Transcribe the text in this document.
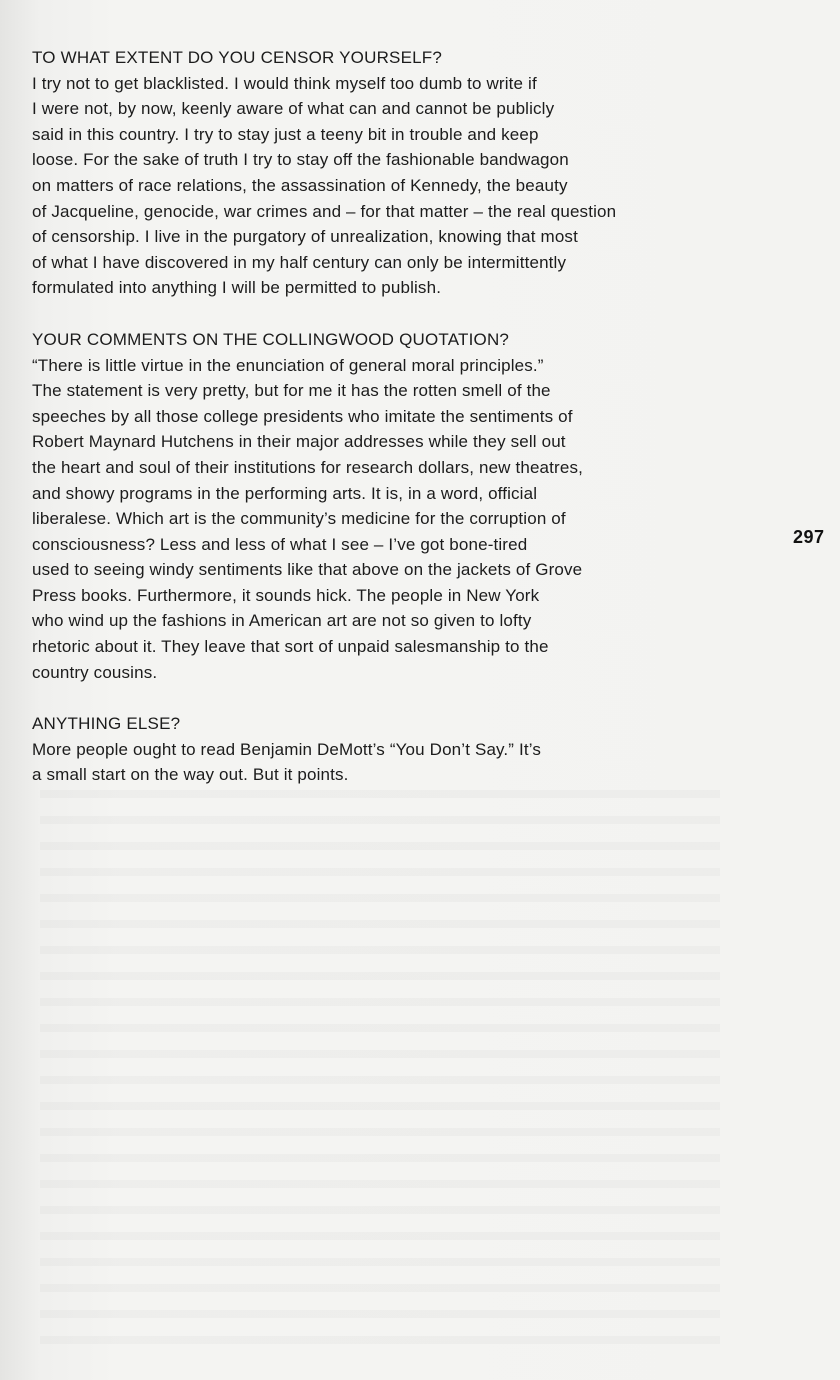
TO WHAT EXTENT DO YOU CENSOR YOURSELF?
I try not to get blacklisted. I would think myself too dumb to write if
I were not, by now, keenly aware of what can and cannot be publicly
said in this country. I try to stay just a teeny bit in trouble and keep
loose. For the sake of truth I try to stay off the fashionable bandwagon
on matters of race relations, the assassination of Kennedy, the beauty
of Jacqueline, genocide, war crimes and – for that matter – the real question
of censorship. I live in the purgatory of unrealization, knowing that most
of what I have discovered in my half century can only be intermittently
formulated into anything I will be permitted to publish.
YOUR COMMENTS ON THE COLLINGWOOD QUOTATION?
“There is little virtue in the enunciation of general moral principles.”
The statement is very pretty, but for me it has the rotten smell of the
speeches by all those college presidents who imitate the sentiments of
Robert Maynard Hutchens in their major addresses while they sell out
the heart and soul of their institutions for research dollars, new theatres,
and showy programs in the performing arts. It is, in a word, official
liberalese. Which art is the community’s medicine for the corruption of
consciousness? Less and less of what I see – I’ve got bone-tired
used to seeing windy sentiments like that above on the jackets of Grove
Press books. Furthermore, it sounds hick. The people in New York
who wind up the fashions in American art are not so given to lofty
rhetoric about it. They leave that sort of unpaid salesmanship to the
country cousins.
ANYTHING ELSE?
More people ought to read Benjamin DeMott’s “You Don’t Say.” It’s
a small start on the way out. But it points.
297
